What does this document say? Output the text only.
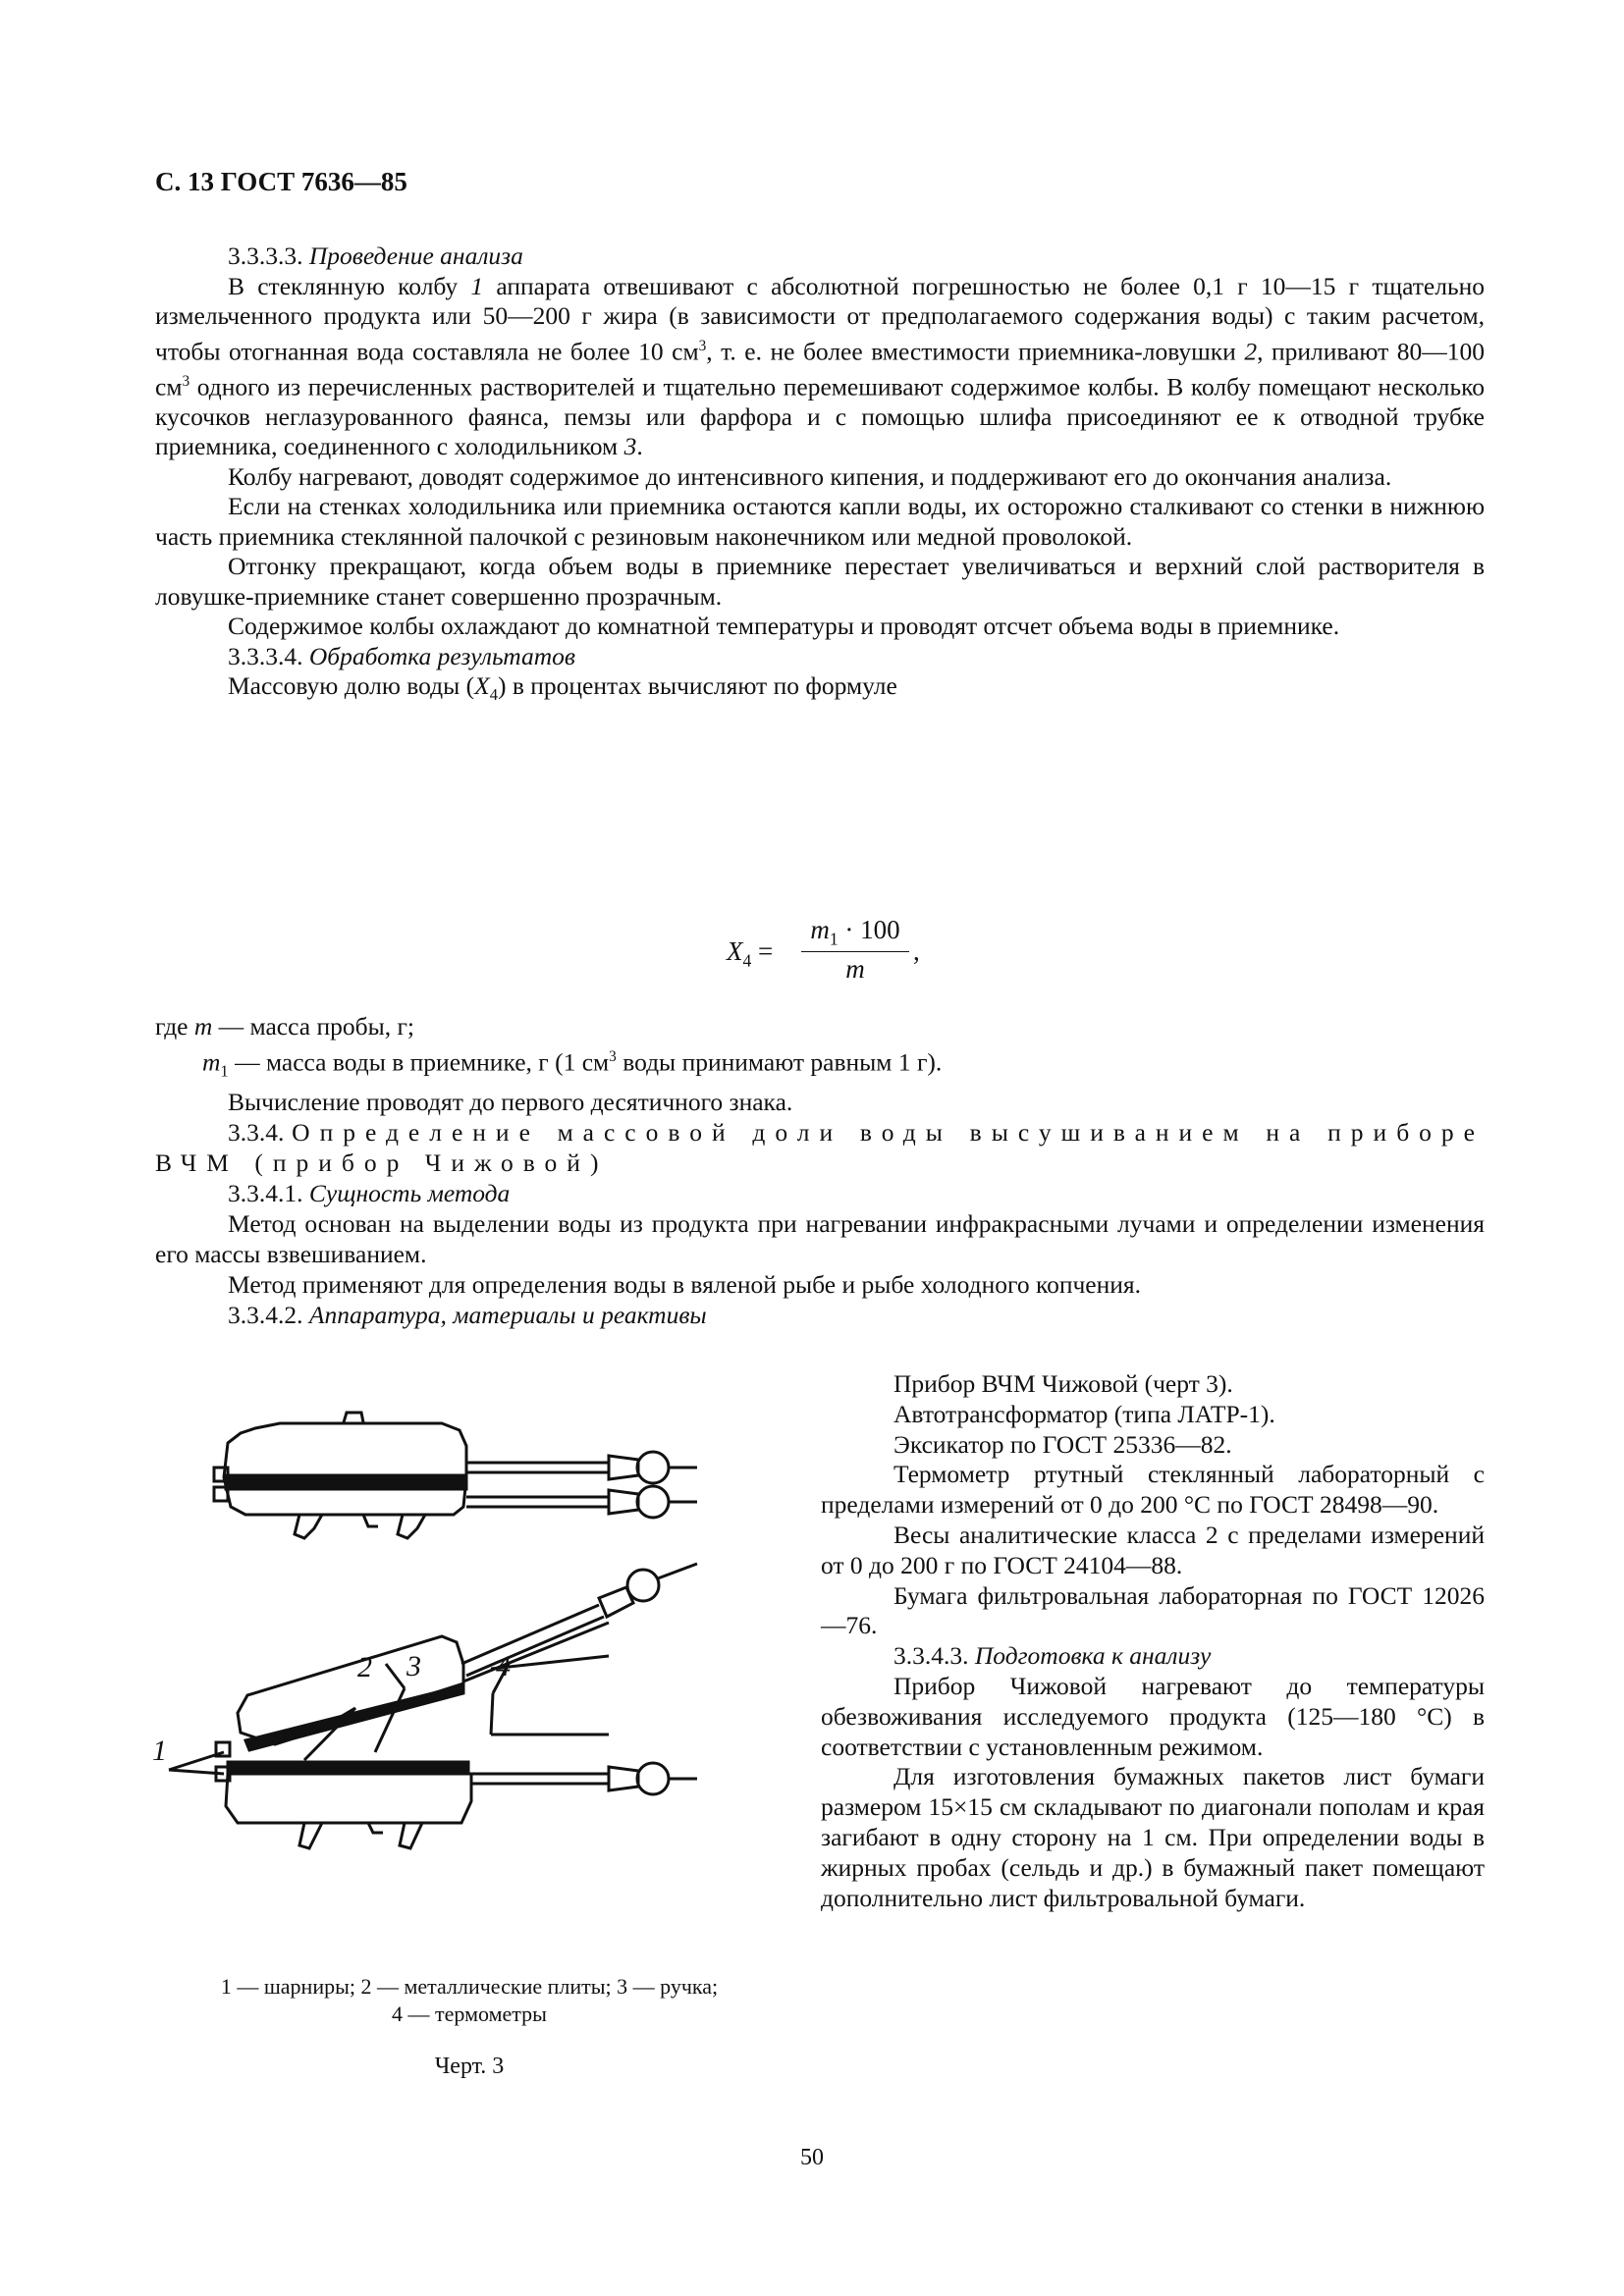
С. 13 ГОСТ 7636—85

3.3.3.3. Проведение анализа

В стеклянную колбу 1 аппарата отвешивают с абсолютной погрешностью не более 0,1 г 10—15 г тщательно измельченного продукта или 50—200 г жира (в зависимости от предполагаемого содержания воды) с таким расчетом, чтобы отогнанная вода составляла не более 10 $см^3$, т. е. не более вместимости приемника-ловушки 2, приливают 80—100 $см^3$ одного из перечисленных растворителей и тщательно перемешивают содержимое колбы. В колбу помещают несколько кусочков неглазурованного фаянса, пемзы или фарфора и с помощью шлифа присоединяют ее к отводной трубке приемника, соединенного с холодильником 3.

Колбу нагревают, доводят содержимое до интенсивного кипения, и поддерживают его до окончания анализа.

Если на стенках холодильника или приемника остаются капли воды, их осторожно сталкивают со стенки в нижнюю часть приемника стеклянной палочкой с резиновым наконечником или медной проволокой.

Отгонку прекращают, когда объем воды в приемнике перестает увеличиваться и верхний слой растворителя в ловушке-приемнике станет совершенно прозрачным.

Содержимое колбы охлаждают до комнатной температуры и проводят отсчет объема воды в приемнике.

3.3.3.4. Обработка результатов

Массовую долю воды $(X_4)$ в процентах вычисляют по формуле

$X_4 = \frac{m_1 \cdot 100}{m}$ ,

где m — масса пробы, г;

$m_1$ — масса воды в приемнике, г (1 $см^3$ воды принимают равным 1 г).

Вычисление проводят до первого десятичного знака.

3.3.4. Определение массовой доли воды высушиванием на приборе ВЧМ (прибор Чижовой)

3.3.4.1. Сущность метода

Метод основан на выделении воды из продукта при нагревании инфракрасными лучами и определении изменения его массы взвешиванием.

Метод применяют для определения воды в вяленой рыбе и рыбе холодного копчения.

3.3.4.2. Аппаратура, материалы и реактивы

Прибор ВЧМ Чижовой (черт 3).

Автотрансформатор (типа ЛАТР-1).

Эксикатор по ГОСТ 25336—82.

Термометр ртутный стеклянный лабораторный с пределами измерений от 0 до 200 °С по ГОСТ 28498—90.

Весы аналитические класса 2 с пределами измерений от 0 до 200 г по ГОСТ 24104—88.

Бумага фильтровальная лабораторная по ГОСТ 12026—76.

3.3.4.3. Подготовка к анализу

Прибор Чижовой нагревают до температуры обезвоживания исследуемого продукта (125—180 °С) в соответствии с установленным режимом.

Для изготовления бумажных пакетов лист бумаги размером 15×15 см складывают по диагонали пополам и края загибают в одну сторону на 1 см. При определении воды в жирных пробах (сельдь и др.) в бумажный пакет помещают дополнительно лист фильтровальной бумаги.

1
2 3	4
1 — шарниры; 2 — металлические плиты; 3 — ручка;
4 — термометры
Черт. 3
50
